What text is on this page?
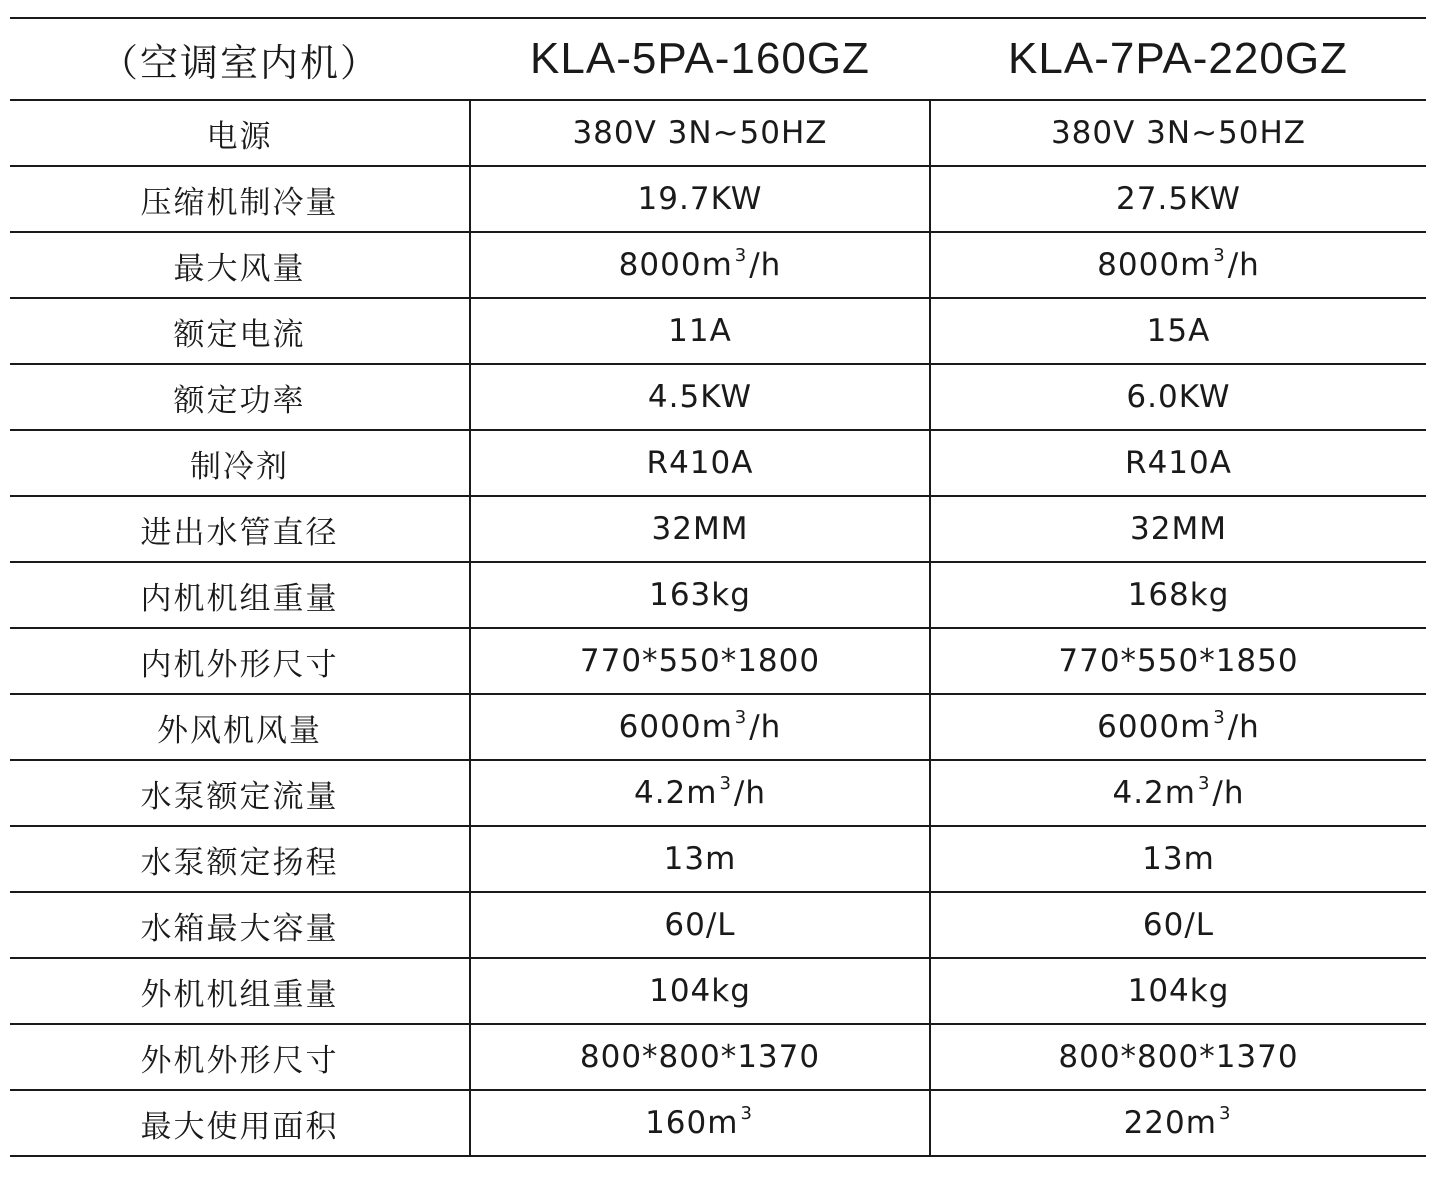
（空调室内机）	KLA-5PA-160GZ	KLA-7PA-220GZ
电源	380V 3N~50HZ	380V 3N~50HZ
压缩机制冷量	19.7KW	27.5KW
最大风量	8000m $^3$/h	8000m $^3$/h
额定电流	11A	15A
额定功率	4.5KW	6.0KW
制冷剂	R410A	R410A
进出水管直径	32MM	32MM
内机机组重量	163kg	168kg
内机外形尺寸	770*550*1800	770*550*1850
外风机风量	6000m $^3$/h	6000m $^3$/h
水泵额定流量	4.2m $^3$/h	4.2m $^3$/h
水泵额定扬程	13m	13m
水箱最大容量	60/L	60/L
外机机组重量	104kg	104kg
外机外形尺寸	800*800*1370	800*800*1370
最大使用面积	160m $^3$	220m $^3$
